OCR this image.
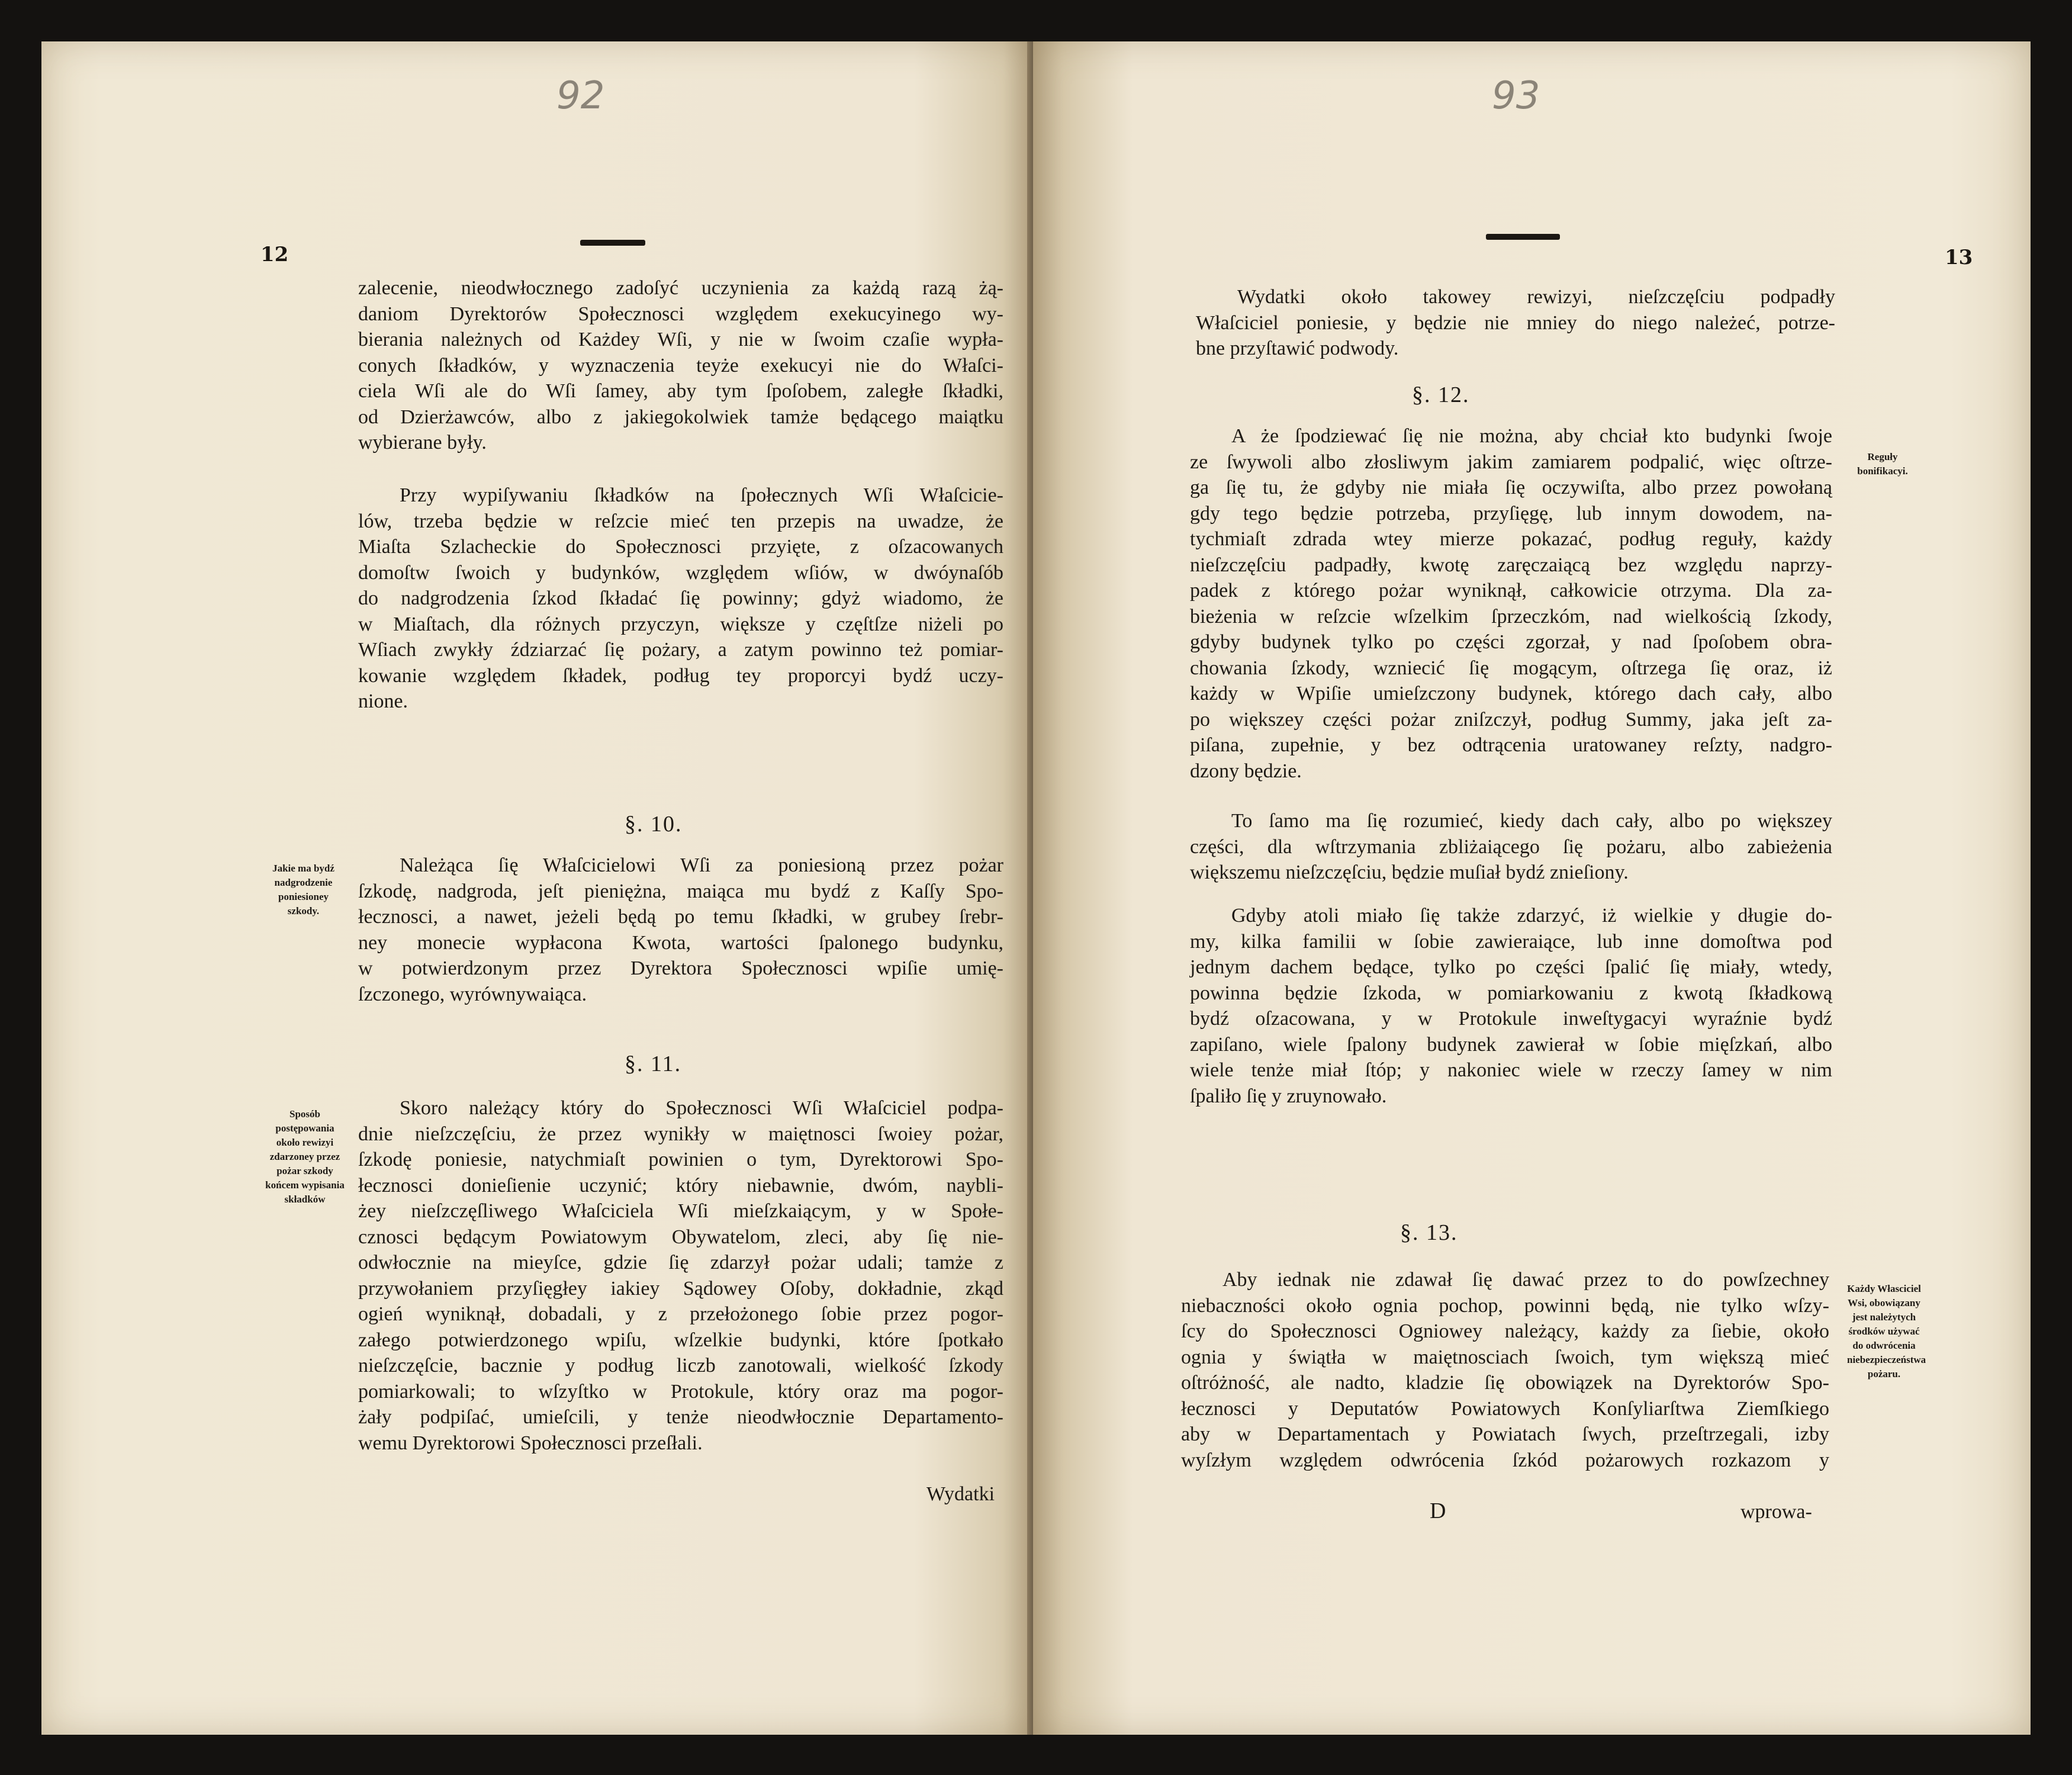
92
12
zalecenie, nieodwłocznego zadoſyć uczynienia za każdą razą żą-
daniom Dyrektorów Społecznosci względem exekucyinego wy-
bierania należnych od Każdey Wſi, y nie w ſwoim czaſie wypła-
conych ſkładków, y wyznaczenia teyże exekucyi nie do Właſci-
ciela Wſi ale do Wſi ſamey, aby tym ſpoſobem, zaległe ſkładki,
od Dzierżawców, albo z jakiegokolwiek tamże będącego maiątku
wybierane były.
Przy wypiſywaniu ſkładków na ſpołecznych Wſi Właſcicie-
lów, trzeba będzie w reſzcie mieć ten przepis na uwadze, że
Miaſta Szlacheckie do Społecznosci przyięte, z oſzacowanych
domoſtw ſwoich y budynków, względem wſiów, w dwóynaſób
do nadgrodzenia ſzkod ſkładać ſię powinny; gdyż wiadomo, że
w Miaſtach, dla różnych przyczyn, większe y częſtſze niżeli po
Wſiach zwykły ździarzać ſię pożary, a zatym powinno też pomiar-
kowanie względem ſkładek, podług tey proporcyi bydź uczy-
nione.
§. 10.
Jakie ma bydź nadgrodzenie poniesioney szkody.
Należąca ſię Właſcicielowi Wſi za poniesioną przez pożar
ſzkodę, nadgroda, jeſt pieniężna, maiąca mu bydź z Kaſſy Spo-
łecznosci, a nawet, jeżeli będą po temu ſkładki, w grubey ſrebr-
ney monecie wypłacona Kwota, wartości ſpalonego budynku,
w potwierdzonym przez Dyrektora Społecznosci wpiſie umię-
ſzczonego, wyrównywaiąca.
§. 11.
Sposób postępowania około rewizyi zdarzoney przez pożar szkody końcem wypisania składków
Skoro należący który do Społecznosci Wſi Właſciciel podpa-
dnie nieſzczęſciu, że przez wynikły w maiętnosci ſwoiey pożar,
ſzkodę poniesie, natychmiaſt powinien o tym, Dyrektorowi Spo-
łecznosci donieſienie uczynić; który niebawnie, dwóm, naybli-
żey nieſzczęſliwego Właſciciela Wſi mieſzkaiącym, y w Społe-
cznosci będącym Powiatowym Obywatelom, zleci, aby ſię nie-
odwłocznie na mieyſce, gdzie ſię zdarzył pożar udali; tamże z
przywołaniem przyſięgłey iakiey Sądowey Oſoby, dokładnie, zkąd
ogień wyniknął, dobadali, y z przełożonego ſobie przez pogor-
załego potwierdzonego wpiſu, wſzelkie budynki, które ſpotkało
nieſzczęſcie, bacznie y podług liczb zanotowali, wielkość ſzkody
pomiarkowali; to wſzyſtko w Protokule, który oraz ma pogor-
żały podpiſać, umieſcili, y tenże nieodwłocznie Departamento-
wemu Dyrektorowi Społecznosci przeſłali.
Wydatki
93
13
Wydatki około takowey rewizyi, nieſzczęſciu podpadły
Właſciciel poniesie, y będzie nie mniey do niego należeć, potrze-
bne przyſtawić podwody.
§. 12.
Reguły bonifikacyi.
A że ſpodziewać ſię nie można, aby chciał kto budynki ſwoje
ze ſwywoli albo złosliwym jakim zamiarem podpalić, więc oſtrze-
ga ſię tu, że gdyby nie miała ſię oczywiſta, albo przez powołaną
gdy tego będzie potrzeba, przyſięgę, lub innym dowodem, na-
tychmiaſt zdrada wtey mierze pokazać, podług reguły, każdy
nieſzczęſciu padpadły, kwotę zaręczaiącą bez względu naprzy-
padek z którego pożar wyniknął, całkowicie otrzyma. Dla za-
bieżenia w reſzcie wſzelkim ſprzeczkóm, nad wielkością ſzkody,
gdyby budynek tylko po części zgorzał, y nad ſpoſobem obra-
chowania ſzkody, wzniecić ſię mogącym, oſtrzega ſię oraz, iż
każdy w Wpiſie umieſzczony budynek, którego dach cały, albo
po większey części pożar zniſzczył, podług Summy, jaka jeſt za-
piſana, zupełnie, y bez odtrącenia uratowaney reſzty, nadgro-
dzony będzie.
To ſamo ma ſię rozumieć, kiedy dach cały, albo po większey
części, dla wſtrzymania zbliżaiącego ſię pożaru, albo zabieżenia
większemu nieſzczęſciu, będzie muſiał bydź znieſiony.
Gdyby atoli miało ſię także zdarzyć, iż wielkie y długie do-
my, kilka familii w ſobie zawieraiące, lub inne domoſtwa pod
jednym dachem będące, tylko po części ſpalić ſię miały, wtedy,
powinna będzie ſzkoda, w pomiarkowaniu z kwotą ſkładkową
bydź oſzacowana, y w Protokule inweſtygacyi wyraźnie bydź
zapiſano, wiele ſpalony budynek zawierał w ſobie mięſzkań, albo
wiele tenże miał ſtóp; y nakoniec wiele w rzeczy ſamey w nim
ſpaliło ſię y zruynowało.
§. 13.
Każdy Własciciel Wsi, obowiązany jest należytych środków używać do odwrócenia niebezpieczeństwa pożaru.
Aby iednak nie zdawał ſię dawać przez to do powſzechney
niebaczności około ognia pochop, powinni będą, nie tylko wſzy-
ſcy do Społecznosci Ogniowey należący, każdy za ſiebie, około
ognia y świątła w maiętnosciach ſwoich, tym większą mieć
oſtróżność, ale nadto, kladzie ſię obowiązek na Dyrektorów Spo-
łecznosci y Deputatów Powiatowych Konſyliarſtwa Ziemſkiego
aby w Departamentach y Powiatach ſwych, przeſtrzegali, izby
wyſzłym względem odwrócenia ſzkód pożarowych rozkazom y
D	wprowa-
